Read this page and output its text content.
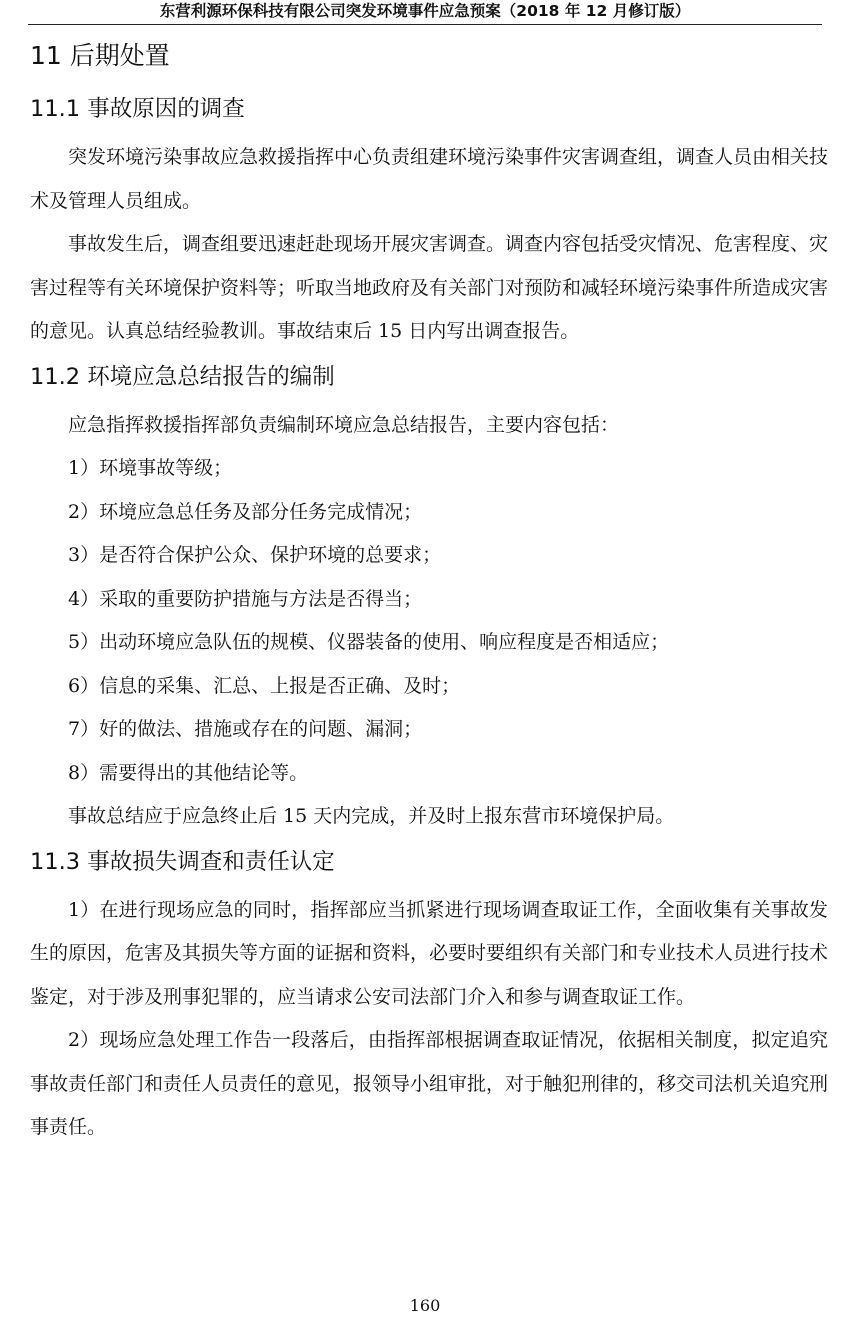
东营利源环保科技有限公司突发环境事件应急预案（2018 年 12 月修订版）
11 后期处置
11.1 事故原因的调查

突发环境污染事故应急救援指挥中心负责组建环境污染事件灾害调查组，调查人员由相关技术及管理人员组成。

事故发生后，调查组要迅速赶赴现场开展灾害调查。调查内容包括受灾情况、危害程度、灾害过程等有关环境保护资料等；听取当地政府及有关部门对预防和减轻环境污染事件所造成灾害的意见。认真总结经验教训。事故结束后 15 日内写出调查报告。

11.2 环境应急总结报告的编制

应急指挥救援指挥部负责编制环境应急总结报告，主要内容包括：

1）环境事故等级；

2）环境应急总任务及部分任务完成情况；

3）是否符合保护公众、保护环境的总要求；

4）采取的重要防护措施与方法是否得当；

5）出动环境应急队伍的规模、仪器装备的使用、响应程度是否相适应；

6）信息的采集、汇总、上报是否正确、及时；

7）好的做法、措施或存在的问题、漏洞；

8）需要得出的其他结论等。

事故总结应于应急终止后 15 天内完成，并及时上报东营市环境保护局。

11.3 事故损失调查和责任认定

1）在进行现场应急的同时，指挥部应当抓紧进行现场调查取证工作，全面收集有关事故发生的原因，危害及其损失等方面的证据和资料，必要时要组织有关部门和专业技术人员进行技术鉴定，对于涉及刑事犯罪的，应当请求公安司法部门介入和参与调查取证工作。

2）现场应急处理工作告一段落后，由指挥部根据调查取证情况，依据相关制度，拟定追究事故责任部门和责任人员责任的意见，报领导小组审批，对于触犯刑律的，移交司法机关追究刑事责任。

160
